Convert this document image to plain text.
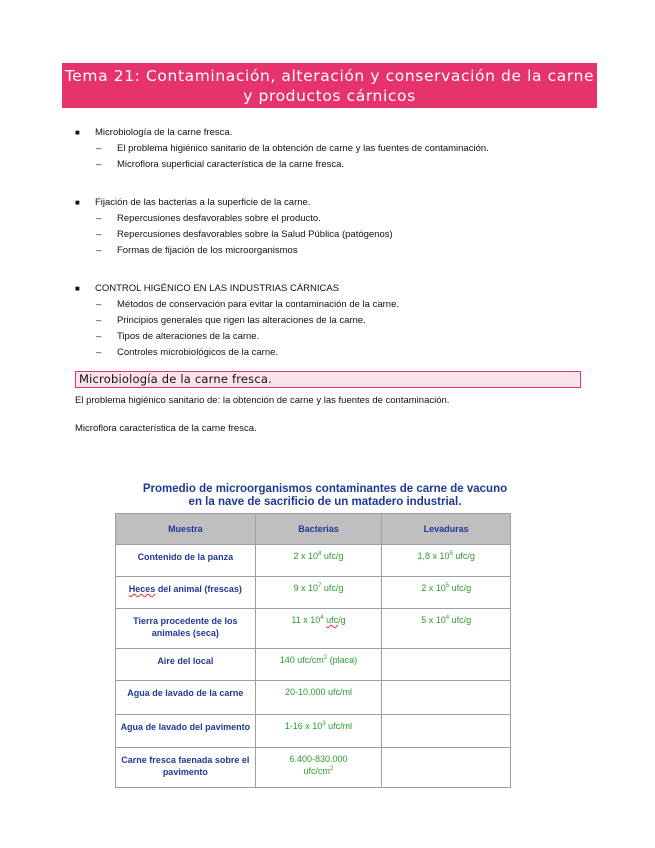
Tema 21: Contaminación, alteración y conservación de la carne y productos cárnicos
■ Microbiología de la carne fresca.
– El problema higiénico sanitario de la obtención de carne y las fuentes de contaminación.
– Microflora superficial característica de la carne fresca.
■ Fijación de las bacterias a la superficie de la carne.
– Repercusiones desfavorables sobre el producto.
– Repercusiones desfavorables sobre la Salud Pública (patógenos)
– Formas de fijación de los microorganismos
■ CONTROL HIGÉNICO EN LAS INDUSTRIAS CÁRNICAS
– Métodos de conservación para evitar la contaminación de la carne.
– Principios generales que rigen las alteraciones de la carne.
– Tipos de alteraciones de la carne.
– Controles microbiológicos de la carne.
Microbiología de la carne fresca.
El problema higiénico sanitario de: la obtención de carne y las fuentes de contaminación.
Microflora característica de la carne fresca.
Promedio de microorganismos contaminantes de carne de vacuno
en la nave de sacrificio de un matadero industrial.
Muestra	Bacterias	Levaduras
Contenido de la panza	2 x $10^8$ ufc/g	1,8 x $10^5$ ufc/g
Heces del animal (frescas)	9 x $10^7$ ufc/g	2 x $10^5$ ufc/g
Tierra procedente de los animales (seca)	11 x $10^4$ ufc/g	5 x $10^4$ ufc/g
Aire del local	140 ufc/$cm^2$ (placa)	
Agua de lavado de la carne	20-10.000 ufc/ml	
Agua de lavado del pavimento	1-16 x $10^3$ ufc/ml	
Carne fresca faenada sobre el pavimento	6.400-830.000
ufc/$cm^2$
